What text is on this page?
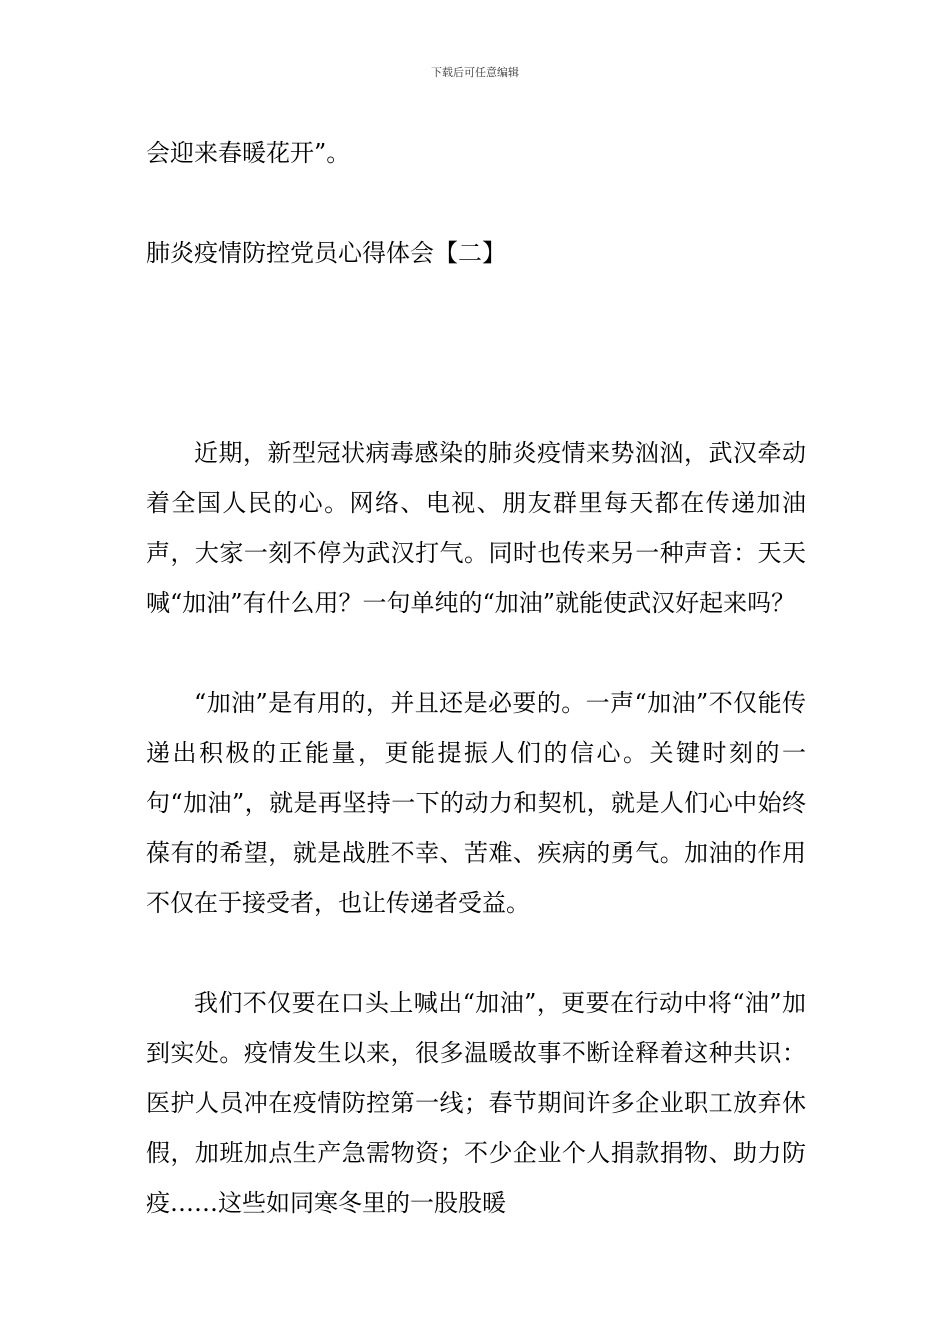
下载后可任意编辑

会迎来春暖花开”。

肺炎疫情防控党员心得体会【二】

近期，新型冠状病毒感染的肺炎疫情来势汹汹，武汉牵动着全国人民的心。网络、电视、朋友群里每天都在传递加油声，大家一刻不停为武汉打气。同时也传来另一种声音：天天喊“加油”有什么用？一句单纯的“加油”就能使武汉好起来吗？

“加油”是有用的，并且还是必要的。一声“加油”不仅能传递出积极的正能量，更能提振人们的信心。关键时刻的一句“加油”，就是再坚持一下的动力和契机，就是人们心中始终葆有的希望，就是战胜不幸、苦难、疾病的勇气。加油的作用不仅在于接受者，也让传递者受益。

我们不仅要在口头上喊出“加油”，更要在行动中将“油”加到实处。疫情发生以来，很多温暖故事不断诠释着这种共识：医护人员冲在疫情防控第一线；春节期间许多企业职工放弃休假，加班加点生产急需物资；不少企业个人捐款捐物、助力防疫……这些如同寒冬里的一股股暖
